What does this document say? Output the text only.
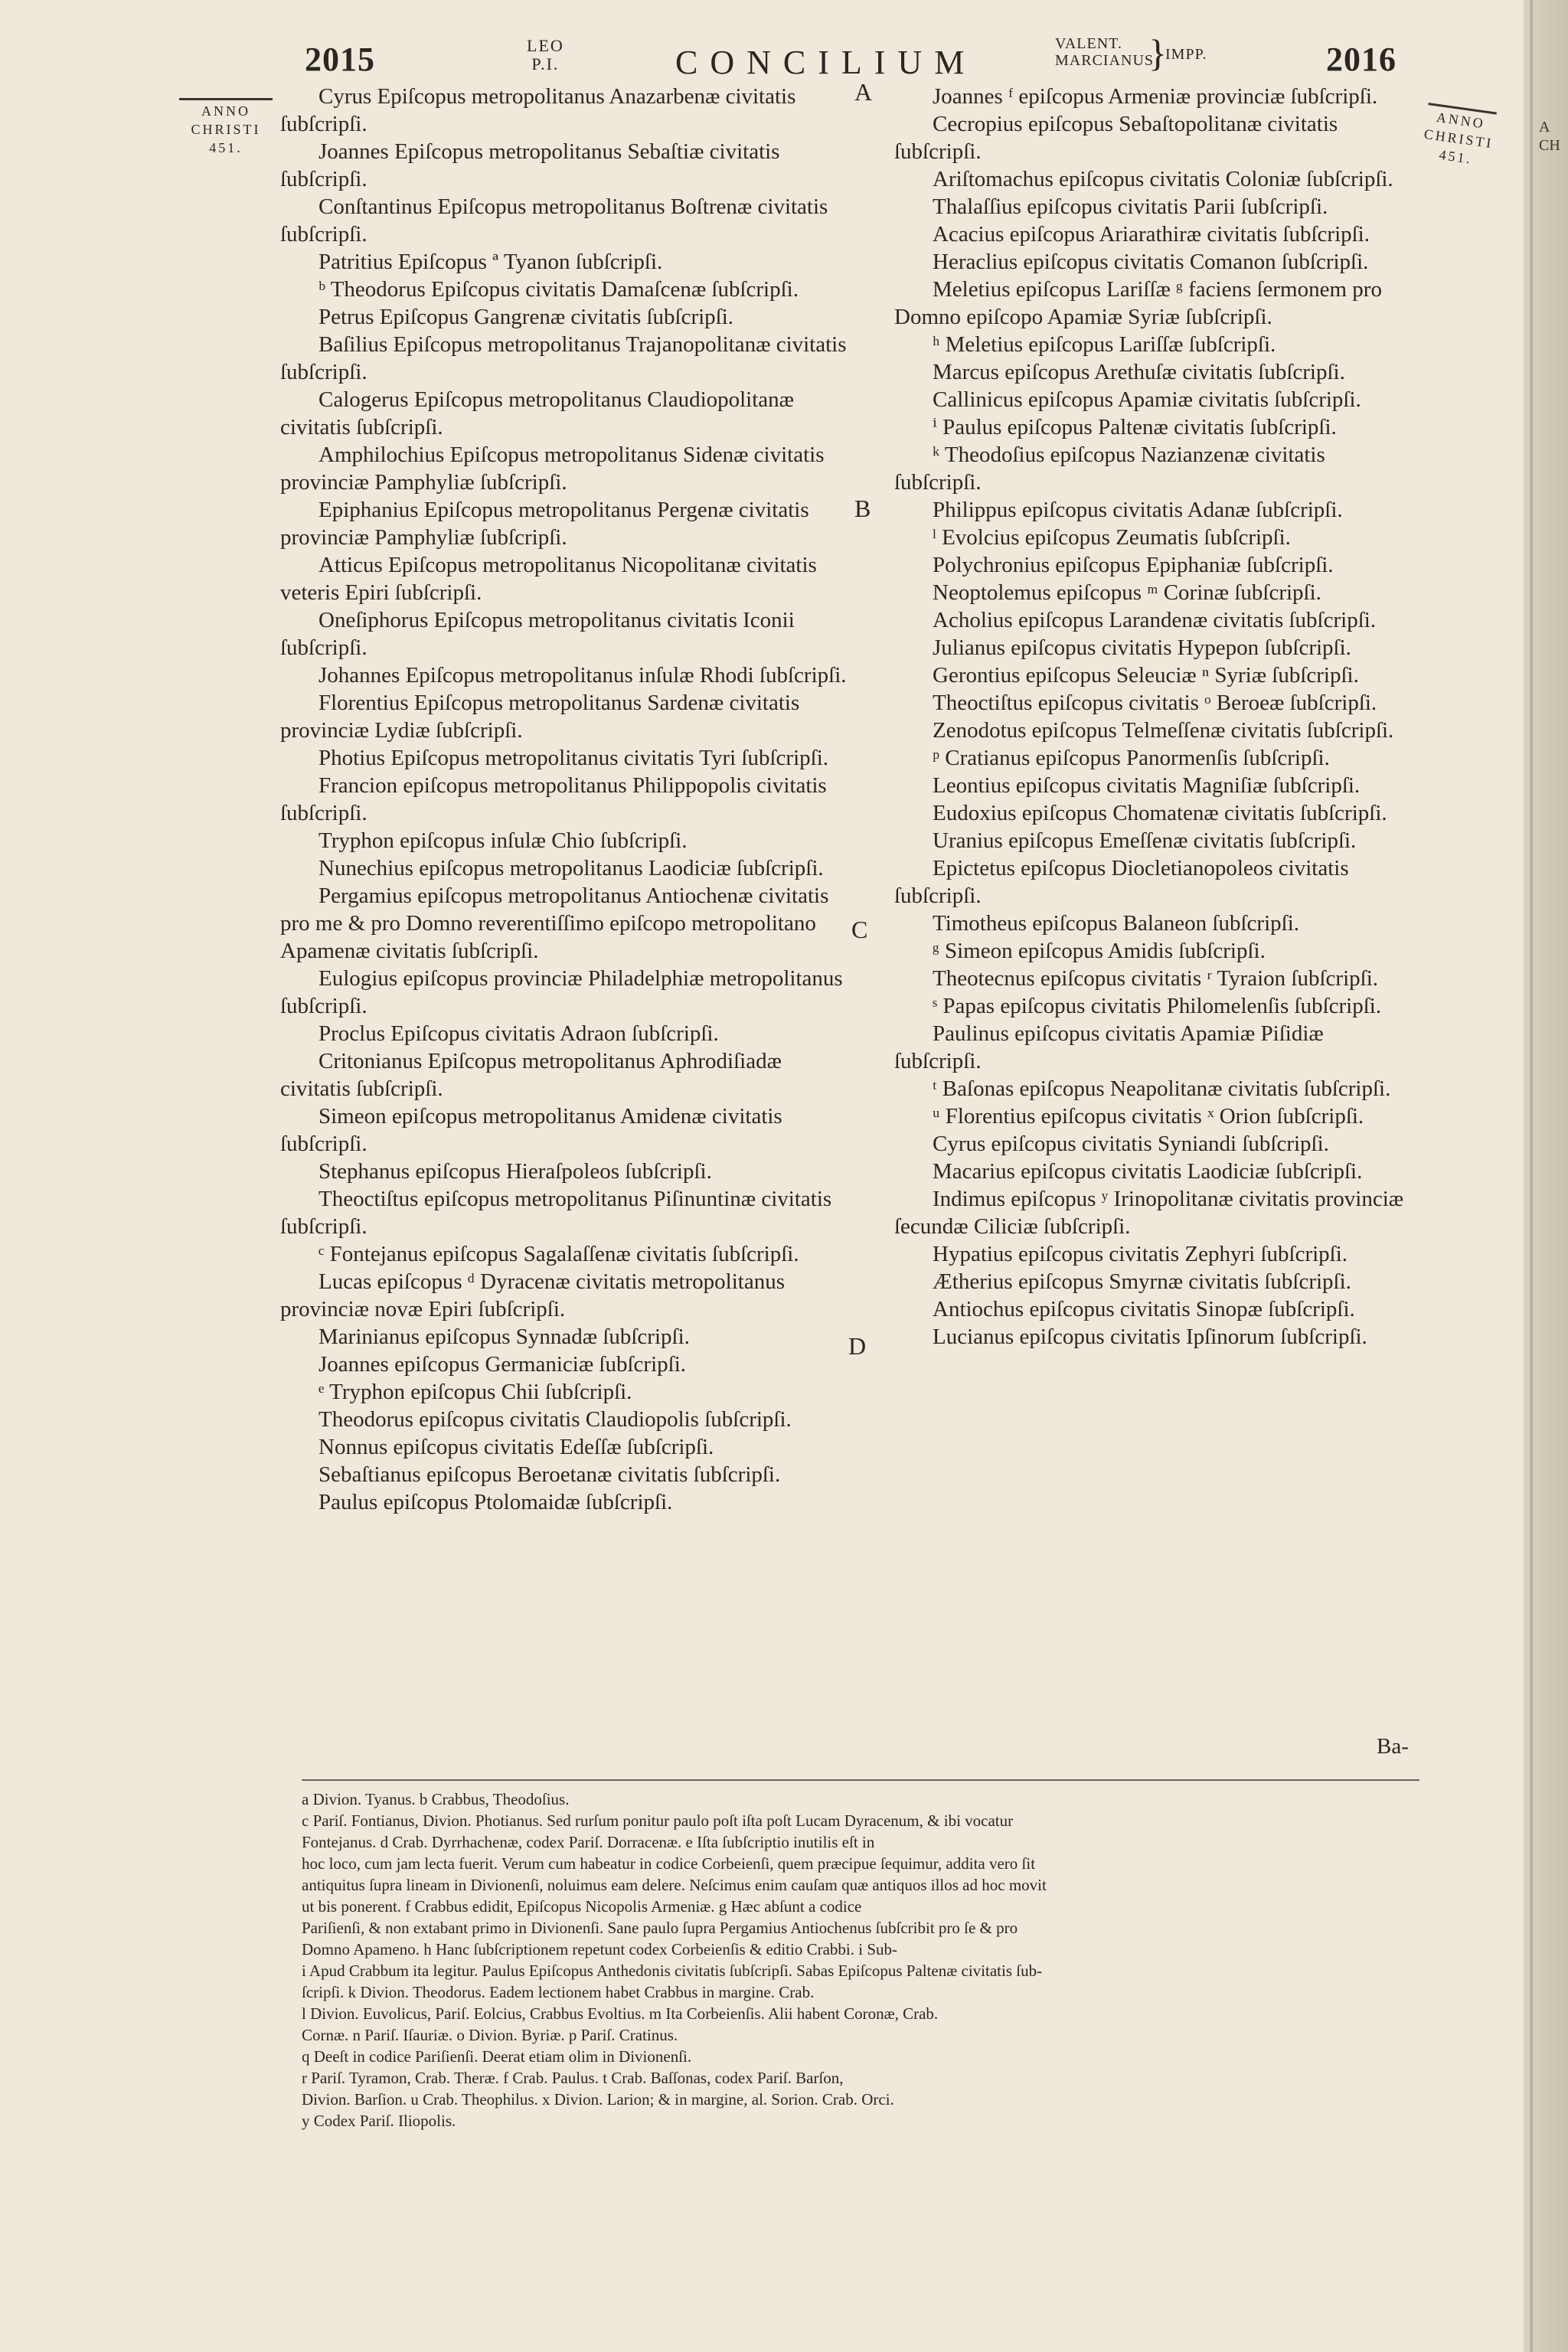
2015	LEO
P.I.	CONCILIUM	VALENT.
MARCIANUS
}
IMPP.	2016
ANNO
CHRISTI
451.
ANNO
CHRISTI
451.
A
B
C
D

Cyrus Epiſcopus metropolitanus Anazarbenæ civitatis ſubſcripſi.

Joannes Epiſcopus metropolitanus Sebaſtiæ civitatis ſubſcripſi.

Conſtantinus Epiſcopus metropolitanus Boſtrenæ civitatis ſubſcripſi.

Patritius Epiſcopus ª Tyanon ſubſcripſi.

ᵇ Theodorus Epiſcopus civitatis Damaſcenæ ſubſcripſi.

Petrus Epiſcopus Gangrenæ civitatis ſubſcripſi.

Baſilius Epiſcopus metropolitanus Trajanopolitanæ civitatis ſubſcripſi.

Calogerus Epiſcopus metropolitanus Claudiopolitanæ civitatis ſubſcripſi.

Amphilochius Epiſcopus metropolitanus Sidenæ civitatis provinciæ Pamphyliæ ſubſcripſi.

Epiphanius Epiſcopus metropolitanus Pergenæ civitatis provinciæ Pamphyliæ ſubſcripſi.

Atticus Epiſcopus metropolitanus Nicopolitanæ civitatis veteris Epiri ſubſcripſi.

Oneſiphorus Epiſcopus metropolitanus civitatis Iconii ſubſcripſi.

Johannes Epiſcopus metropolitanus inſulæ Rhodi ſubſcripſi.

Florentius Epiſcopus metropolitanus Sardenæ civitatis provinciæ Lydiæ ſubſcripſi.

Photius Epiſcopus metropolitanus civitatis Tyri ſubſcripſi.

Francion epiſcopus metropolitanus Philippopolis civitatis ſubſcripſi.

Tryphon epiſcopus inſulæ Chio ſubſcripſi.

Nunechius epiſcopus metropolitanus Laodiciæ ſubſcripſi.

Pergamius epiſcopus metropolitanus Antiochenæ civitatis pro me & pro Domno reverentiſſimo epiſcopo metropolitano Apamenæ civitatis ſubſcripſi.

Eulogius epiſcopus provinciæ Philadelphiæ metropolitanus ſubſcripſi.

Proclus Epiſcopus civitatis Adraon ſubſcripſi.

Critonianus Epiſcopus metropolitanus Aphrodiſiadæ civitatis ſubſcripſi.

Simeon epiſcopus metropolitanus Amidenæ civitatis ſubſcripſi.

Stephanus epiſcopus Hieraſpoleos ſubſcripſi.

Theoctiſtus epiſcopus metropolitanus Piſinuntinæ civitatis ſubſcripſi.

ᶜ Fontejanus epiſcopus Sagalaſſenæ civitatis ſubſcripſi.

Lucas epiſcopus ᵈ Dyracenæ civitatis metropolitanus provinciæ novæ Epiri ſubſcripſi.

Marinianus epiſcopus Synnadæ ſubſcripſi.

Joannes epiſcopus Germaniciæ ſubſcripſi.

ᵉ Tryphon epiſcopus Chii ſubſcripſi.

Theodorus epiſcopus civitatis Claudiopolis ſubſcripſi.

Nonnus epiſcopus civitatis Edeſſæ ſubſcripſi.

Sebaſtianus epiſcopus Beroetanæ civitatis ſubſcripſi.

Paulus epiſcopus Ptolomaidæ ſubſcripſi.

Joannes ᶠ epiſcopus Armeniæ provinciæ ſubſcripſi.

Cecropius epiſcopus Sebaſtopolitanæ civitatis ſubſcripſi.

Ariſtomachus epiſcopus civitatis Coloniæ ſubſcripſi.

Thalaſſius epiſcopus civitatis Parii ſubſcripſi.

Acacius epiſcopus Ariarathiræ civitatis ſubſcripſi.

Heraclius epiſcopus civitatis Comanon ſubſcripſi.

Meletius epiſcopus Lariſſæ ᵍ faciens ſermonem pro Domno epiſcopo Apamiæ Syriæ ſubſcripſi.

ʰ Meletius epiſcopus Lariſſæ ſubſcripſi.

Marcus epiſcopus Arethuſæ civitatis ſubſcripſi.

Callinicus epiſcopus Apamiæ civitatis ſubſcripſi.

ⁱ Paulus epiſcopus Paltenæ civitatis ſubſcripſi.

ᵏ Theodoſius epiſcopus Nazianzenæ civitatis ſubſcripſi.

Philippus epiſcopus civitatis Adanæ ſubſcripſi.

ˡ Evolcius epiſcopus Zeumatis ſubſcripſi.

Polychronius epiſcopus Epiphaniæ ſubſcripſi.

Neoptolemus epiſcopus ᵐ Corinæ ſubſcripſi.

Acholius epiſcopus Larandenæ civitatis ſubſcripſi.

Julianus epiſcopus civitatis Hypepon ſubſcripſi.

Gerontius epiſcopus Seleuciæ ⁿ Syriæ ſubſcripſi.

Theoctiſtus epiſcopus civitatis ᵒ Beroeæ ſubſcripſi.

Zenodotus epiſcopus Telmeſſenæ civitatis ſubſcripſi.

ᵖ Cratianus epiſcopus Panormenſis ſubſcripſi.

Leontius epiſcopus civitatis Magniſiæ ſubſcripſi.

Eudoxius epiſcopus Chomatenæ civitatis ſubſcripſi.

Uranius epiſcopus Emeſſenæ civitatis ſubſcripſi.

Epictetus epiſcopus Diocletianopoleos civitatis ſubſcripſi.

Timotheus epiſcopus Balaneon ſubſcripſi.

ᵍ Simeon epiſcopus Amidis ſubſcripſi.

Theotecnus epiſcopus civitatis ʳ Tyraion ſubſcripſi.

ˢ Papas epiſcopus civitatis Philomelenſis ſubſcripſi.

Paulinus epiſcopus civitatis Apamiæ Piſidiæ ſubſcripſi.

ᵗ Baſonas epiſcopus Neapolitanæ civitatis ſubſcripſi.

ᵘ Florentius epiſcopus civitatis ˣ Orion ſubſcripſi.

Cyrus epiſcopus civitatis Syniandi ſubſcripſi.

Macarius epiſcopus civitatis Laodiciæ ſubſcripſi.

Indimus epiſcopus ʸ Irinopolitanæ civitatis provinciæ ſecundæ Ciliciæ ſubſcripſi.

Hypatius epiſcopus civitatis Zephyri ſubſcripſi.

Ætherius epiſcopus Smyrnæ civitatis ſubſcripſi.

Antiochus epiſcopus civitatis Sinopæ ſubſcripſi.

Lucianus epiſcopus civitatis Ipſinorum ſubſcripſi.

Ba-
a Divion. Tyanus. b Crabbus, Theodoſius.
c Pariſ. Fontianus, Divion. Photianus. Sed rurſum ponitur paulo poſt iſta poſt Lucam Dyracenum, & ibi vocatur
Fontejanus. d Crab. Dyrrhachenæ, codex Pariſ. Dorracenæ. e Iſta ſubſcriptio inutilis eſt in
hoc loco, cum jam lecta fuerit. Verum cum habeatur in codice Corbeienſi, quem præcipue ſequimur, addita vero ſit
antiquitus ſupra lineam in Divionenſi, noluimus eam delere. Neſcimus enim cauſam quæ antiquos illos ad hoc movit
ut bis ponerent. f Crabbus edidit, Epiſcopus Nicopolis Armeniæ. g Hæc abſunt a codice
Pariſienſi, & non extabant primo in Divionenſi. Sane paulo ſupra Pergamius Antiochenus ſubſcribit pro ſe & pro
Domno Apameno. h Hanc ſubſcriptionem repetunt codex Corbeienſis & editio Crabbi. i Sub-
i Apud Crabbum ita legitur. Paulus Epiſcopus Anthedonis civitatis ſubſcripſi. Sabas Epiſcopus Paltenæ civitatis ſub-
ſcripſi. k Divion. Theodorus. Eadem lectionem habet Crabbus in margine. Crab.
l Divion. Euvolicus, Pariſ. Eolcius, Crabbus Evoltius. m Ita Corbeienſis. Alii habent Coronæ, Crab.
Cornæ. n Pariſ. Iſauriæ. o Divion. Byriæ. p Pariſ. Cratinus.
q Deeſt in codice Pariſienſi. Deerat etiam olim in Divionenſi.
r Pariſ. Tyramon, Crab. Theræ. f Crab. Paulus. t Crab. Baſſonas, codex Pariſ. Barſon,
Divion. Barſion. u Crab. Theophilus. x Divion. Larion; & in margine, al. Sorion. Crab. Orci.
y Codex Pariſ. Iliopolis.
A
CH
